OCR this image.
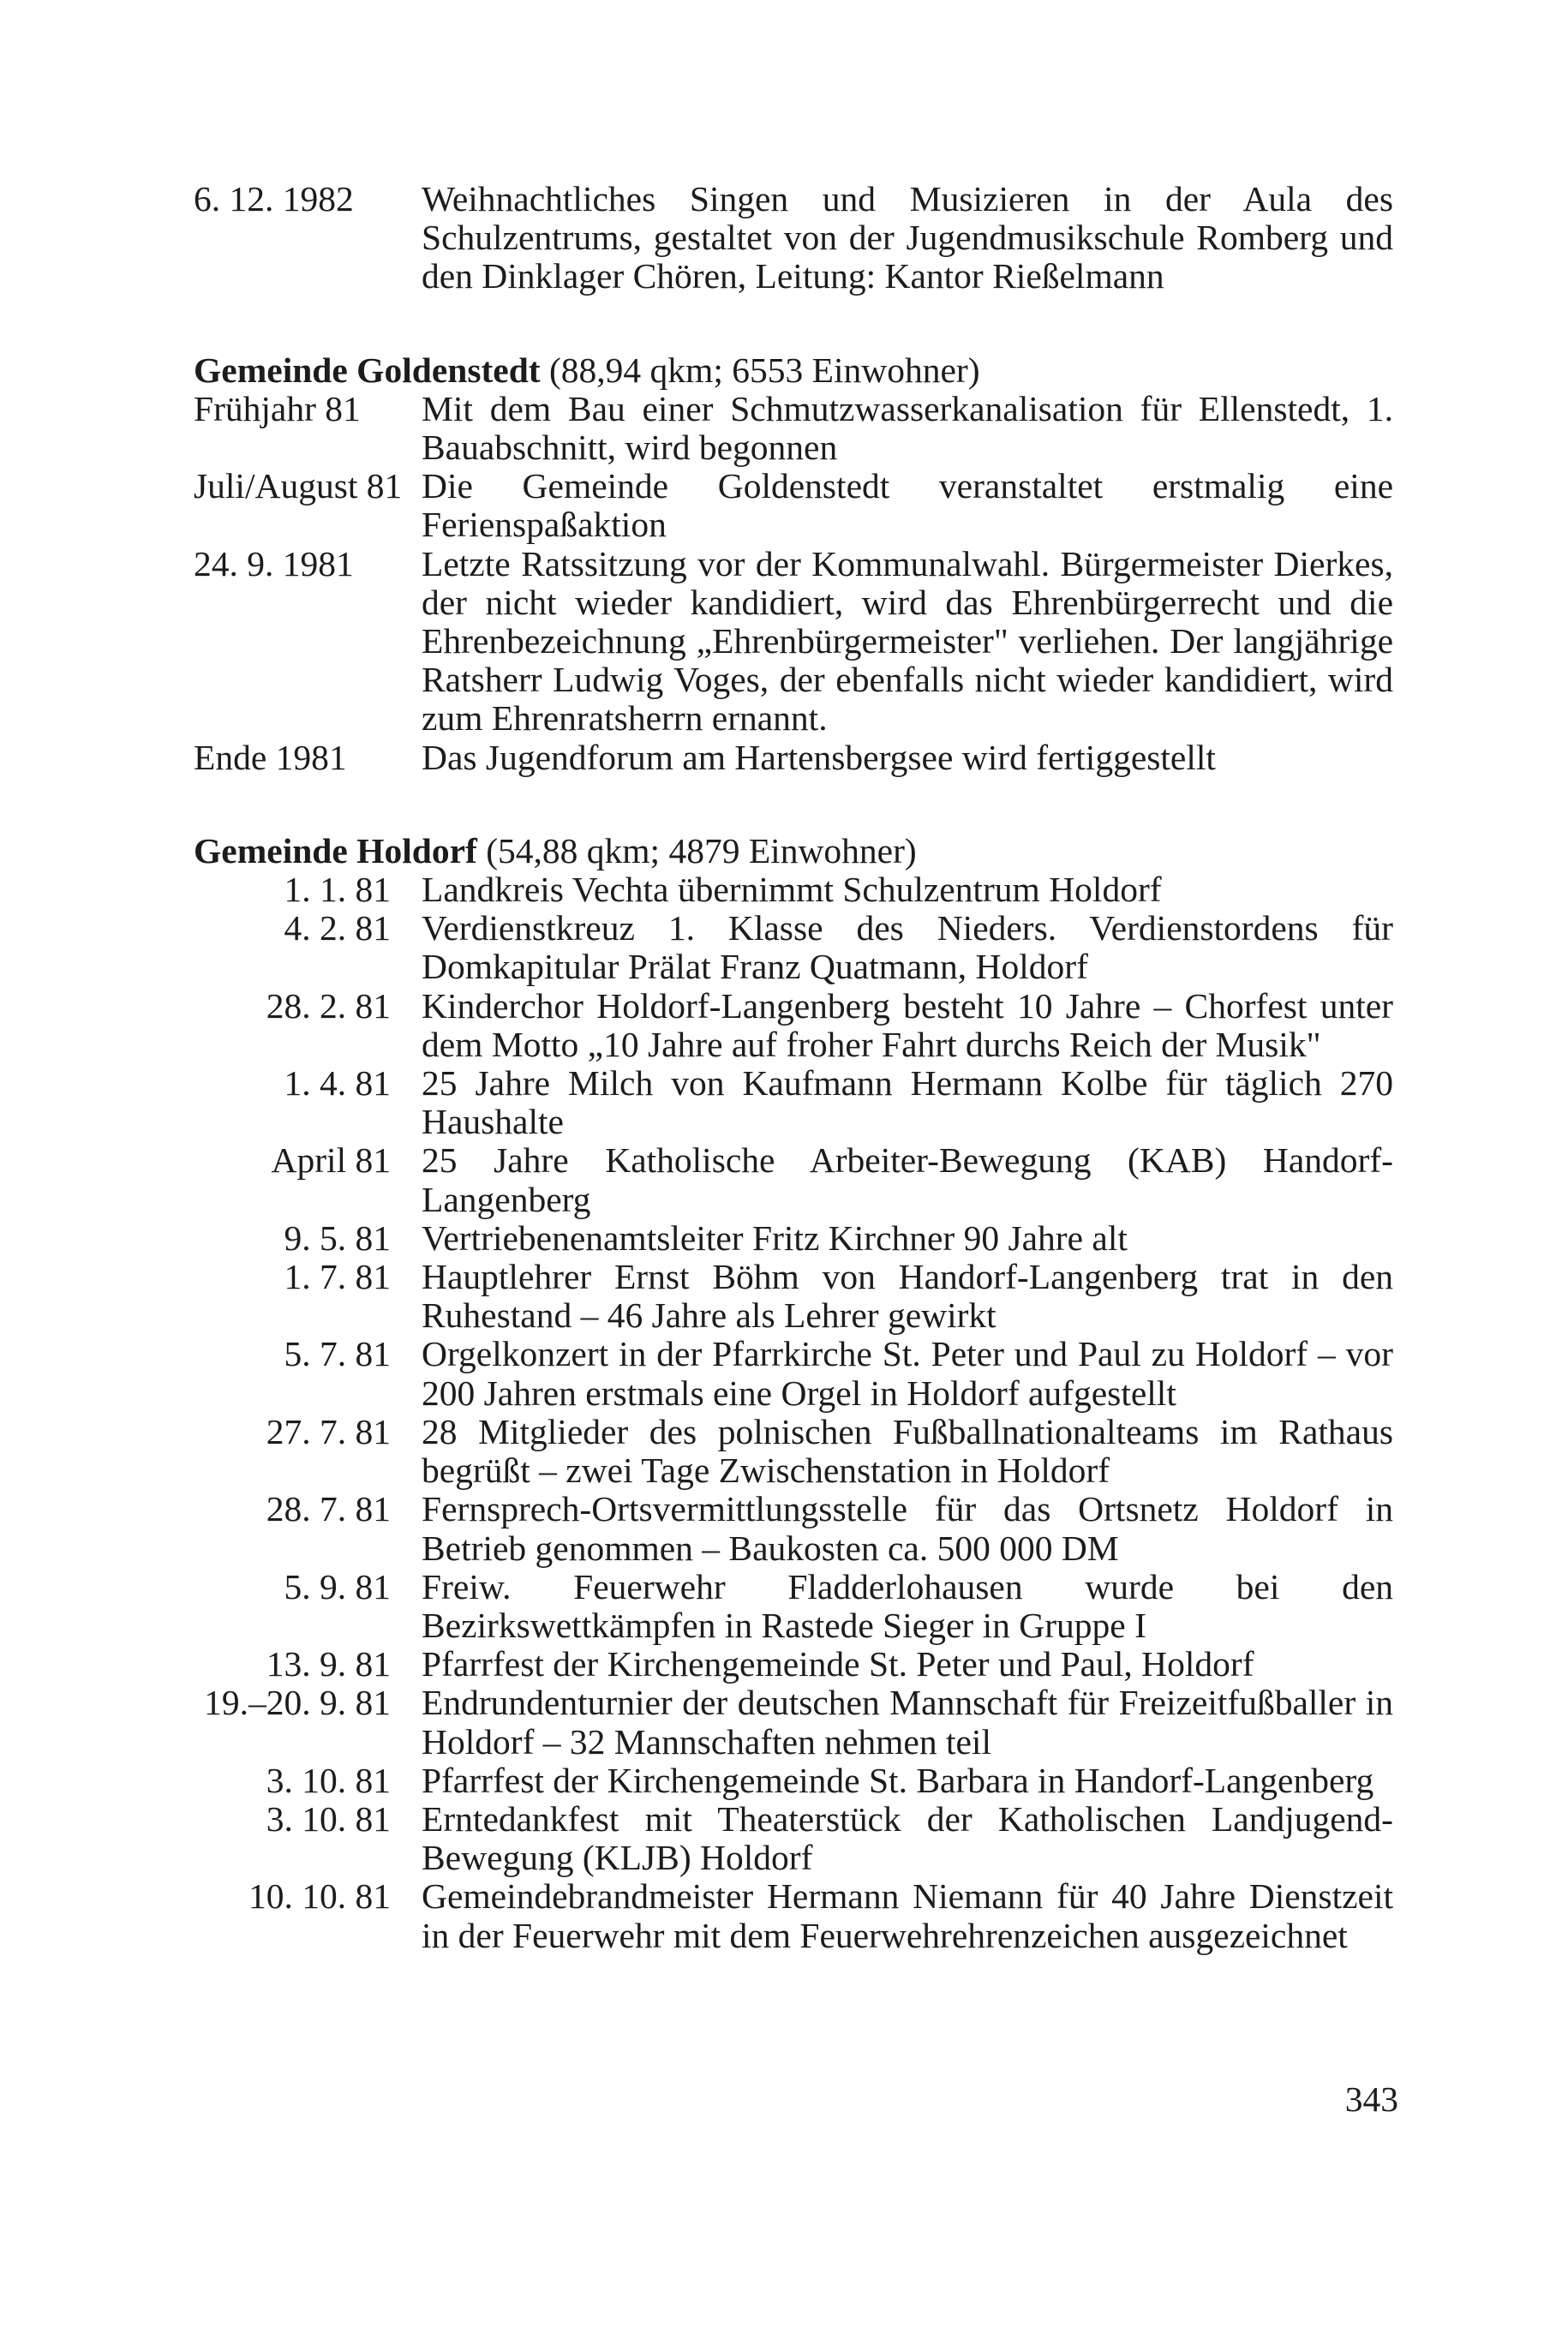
6. 12. 1982	Weihnachtliches Singen und Musizieren in der Aula des Schulzentrums, gestaltet von der Jugendmusikschule Romberg und den Dinklager Chören, Leitung: Kantor Rießelmann
Gemeinde Goldenstedt (88,94 qkm; 6553 Einwohner)
Frühjahr 81	Mit dem Bau einer Schmutzwasserkanalisation für Ellenstedt, 1. Bauabschnitt, wird begonnen
Juli/August 81 Die Gemeinde Goldenstedt veranstaltet erstmalig eine Ferienspaßaktion
24. 9. 1981	Letzte Ratssitzung vor der Kommunalwahl. Bürgermeister Dierkes, der nicht wieder kandidiert, wird das Ehrenbürgerrecht und die Ehrenbezeichnung „Ehrenbürgermeister" verliehen. Der langjährige Ratsherr Ludwig Voges, der ebenfalls nicht wieder kandidiert, wird zum Ehrenratsherrn ernannt.
Ende 1981	Das Jugendforum am Hartensbergsee wird fertiggestellt
Gemeinde Holdorf (54,88 qkm; 4879 Einwohner)
1. 1. 81 Landkreis Vechta übernimmt Schulzentrum Holdorf
4. 2. 81 Verdienstkreuz 1. Klasse des Nieders. Verdienstordens für Domkapitular Prälat Franz Quatmann, Holdorf
28. 2. 81 Kinderchor Holdorf-Langenberg besteht 10 Jahre – Chorfest unter dem Motto „10 Jahre auf froher Fahrt durchs Reich der Musik"
1. 4. 81 25 Jahre Milch von Kaufmann Hermann Kolbe für täglich 270 Haushalte
April 81 25 Jahre Katholische Arbeiter-Bewegung (KAB) Handorf-Langenberg
9. 5. 81 Vertriebenenamtsleiter Fritz Kirchner 90 Jahre alt
1. 7. 81 Hauptlehrer Ernst Böhm von Handorf-Langenberg trat in den Ruhestand – 46 Jahre als Lehrer gewirkt
5. 7. 81 Orgelkonzert in der Pfarrkirche St. Peter und Paul zu Holdorf – vor 200 Jahren erstmals eine Orgel in Holdorf aufgestellt
27. 7. 81 28 Mitglieder des polnischen Fußballnationalteams im Rathaus begrüßt – zwei Tage Zwischenstation in Holdorf
28. 7. 81 Fernsprech-Ortsvermittlungsstelle für das Ortsnetz Holdorf in Betrieb genommen – Baukosten ca. 500 000 DM
5. 9. 81 Freiw. Feuerwehr Fladderlohausen wurde bei den Bezirkswettkämpfen in Rastede Sieger in Gruppe I
13. 9. 81 Pfarrfest der Kirchengemeinde St. Peter und Paul, Holdorf
19.–20. 9. 81 Endrundenturnier der deutschen Mannschaft für Freizeitfußballer in Holdorf – 32 Mannschaften nehmen teil
3. 10. 81 Pfarrfest der Kirchengemeinde St. Barbara in Handorf-Langenberg
3. 10. 81 Erntedankfest mit Theaterstück der Katholischen Landjugend-Bewegung (KLJB) Holdorf
10. 10. 81 Gemeindebrandmeister Hermann Niemann für 40 Jahre Dienstzeit in der Feuerwehr mit dem Feuerwehrehrenzeichen ausgezeichnet
343
